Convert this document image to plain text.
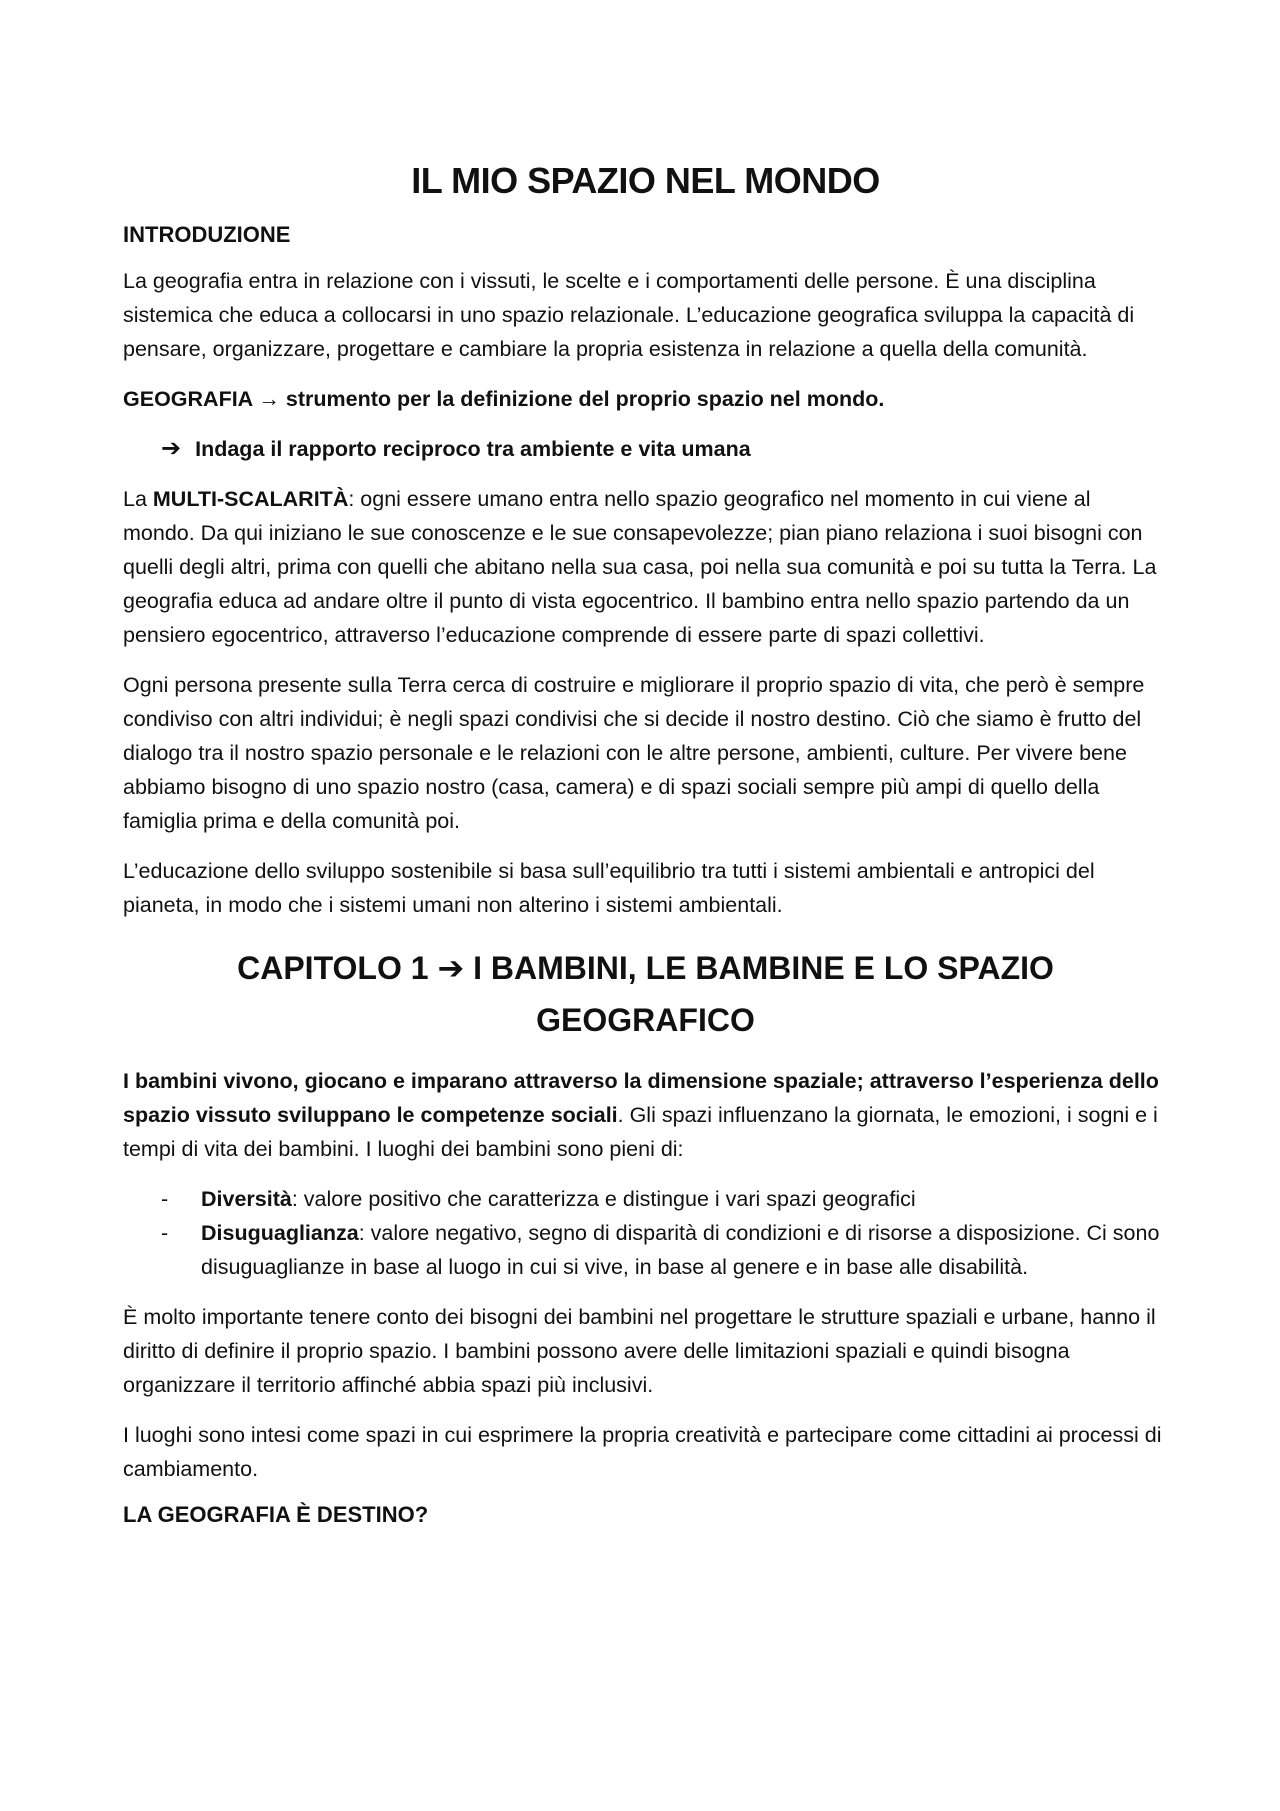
IL MIO SPAZIO NEL MONDO
INTRODUZIONE

La geografia entra in relazione con i vissuti, le scelte e i comportamenti delle persone. È una disciplina sistemica che educa a collocarsi in uno spazio relazionale. L’educazione geografica sviluppa la capacità di pensare, organizzare, progettare e cambiare la propria esistenza in relazione a quella della comunità.

GEOGRAFIA → strumento per la definizione del proprio spazio nel mondo.
➔ Indaga il rapporto reciproco tra ambiente e vita umana

La MULTI-SCALARITÀ: ogni essere umano entra nello spazio geografico nel momento in cui viene al mondo. Da qui iniziano le sue conoscenze e le sue consapevolezze; pian piano relaziona i suoi bisogni con quelli degli altri, prima con quelli che abitano nella sua casa, poi nella sua comunità e poi su tutta la Terra. La geografia educa ad andare oltre il punto di vista egocentrico. Il bambino entra nello spazio partendo da un pensiero egocentrico, attraverso l’educazione comprende di essere parte di spazi collettivi.

Ogni persona presente sulla Terra cerca di costruire e migliorare il proprio spazio di vita, che però è sempre condiviso con altri individui; è negli spazi condivisi che si decide il nostro destino. Ciò che siamo è frutto del dialogo tra il nostro spazio personale e le relazioni con le altre persone, ambienti, culture. Per vivere bene abbiamo bisogno di uno spazio nostro (casa, camera) e di spazi sociali sempre più ampi di quello della famiglia prima e della comunità poi.

L’educazione dello sviluppo sostenibile si basa sull’equilibrio tra tutti i sistemi ambientali e antropici del pianeta, in modo che i sistemi umani non alterino i sistemi ambientali.

CAPITOLO 1 ➔ I BAMBINI, LE BAMBINE E LO SPAZIO
GEOGRAFICO

I bambini vivono, giocano e imparano attraverso la dimensione spaziale; attraverso l’esperienza dello spazio vissuto sviluppano le competenze sociali. Gli spazi influenzano la giornata, le emozioni, i sogni e i tempi di vita dei bambini. I luoghi dei bambini sono pieni di:

-	Diversità: valore positivo che caratterizza e distingue i vari spazi geografici
-	Disuguaglianza: valore negativo, segno di disparità di condizioni e di risorse a disposizione. Ci sono disuguaglianze in base al luogo in cui si vive, in base al genere e in base alle disabilità.

È molto importante tenere conto dei bisogni dei bambini nel progettare le strutture spaziali e urbane, hanno il diritto di definire il proprio spazio. I bambini possono avere delle limitazioni spaziali e quindi bisogna organizzare il territorio affinché abbia spazi più inclusivi.

I luoghi sono intesi come spazi in cui esprimere la propria creatività e partecipare come cittadini ai processi di cambiamento.

LA GEOGRAFIA È DESTINO?
